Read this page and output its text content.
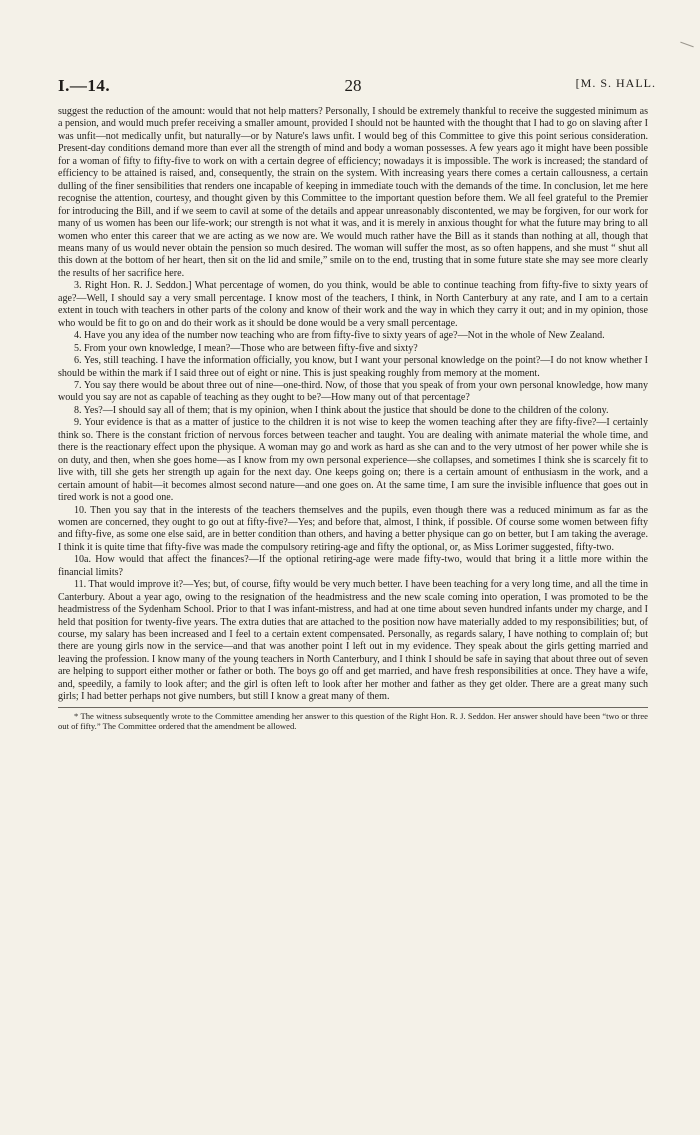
I.—14.	28	[M. S. HALL.

suggest the reduction of the amount: would that not help matters? Personally, I should be extremely thankful to receive the suggested minimum as a pension, and would much prefer receiving a smaller amount, provided I should not be haunted with the thought that I had to go on slaving after I was unfit—not medically unfit, but naturally—or by Nature's laws unfit. I would beg of this Committee to give this point serious consideration. Present-day conditions demand more than ever all the strength of mind and body a woman possesses. A few years ago it might have been possible for a woman of fifty to fifty-five to work on with a certain degree of efficiency; nowadays it is impossible. The work is increased; the standard of efficiency to be attained is raised, and, consequently, the strain on the system. With increasing years there comes a certain callousness, a certain dulling of the finer sensibilities that renders one incapable of keeping in immediate touch with the demands of the time. In conclusion, let me here recognise the attention, courtesy, and thought given by this Committee to the important question before them. We all feel grateful to the Premier for introducing the Bill, and if we seem to cavil at some of the details and appear unreasonably discontented, we may be forgiven, for our work for many of us women has been our life-work; our strength is not what it was, and it is merely in anxious thought for what the future may bring to all women who enter this career that we are acting as we now are. We would much rather have the Bill as it stands than nothing at all, though that means many of us would never obtain the pension so much desired. The woman will suffer the most, as so often happens, and she must “ shut all this down at the bottom of her heart, then sit on the lid and smile,” smile on to the end, trusting that in some future state she may see more clearly the results of her sacrifice here.

3. Right Hon. R. J. Seddon.] What percentage of women, do you think, would be able to continue teaching from fifty-five to sixty years of age?—Well, I should say a very small percentage. I know most of the teachers, I think, in North Canterbury at any rate, and I am to a certain extent in touch with teachers in other parts of the colony and know of their work and the way in which they carry it out; and in my opinion, those who would be fit to go on and do their work as it should be done would be a very small percentage.

4. Have you any idea of the number now teaching who are from fifty-five to sixty years of age?—Not in the whole of New Zealand.

5. From your own knowledge, I mean?—Those who are between fifty-five and sixty?

6. Yes, still teaching. I have the information officially, you know, but I want your personal knowledge on the point?—I do not know whether I should be within the mark if I said three out of eight or nine. This is just speaking roughly from memory at the moment.

7. You say there would be about three out of nine—one-third. Now, of those that you speak of from your own personal knowledge, how many would you say are not as capable of teaching as they ought to be?—How many out of that percentage?

8. Yes?—I should say all of them; that is my opinion, when I think about the justice that should be done to the children of the colony.

9. Your evidence is that as a matter of justice to the children it is not wise to keep the women teaching after they are fifty-five?—I certainly think so. There is the constant friction of nervous forces between teacher and taught. You are dealing with animate material the whole time, and there is the reactionary effect upon the physique. A woman may go and work as hard as she can and to the very utmost of her power while she is on duty, and then, when she goes home—as I know from my own personal experience—she collapses, and sometimes I think she is scarcely fit to live with, till she gets her strength up again for the next day. One keeps going on; there is a certain amount of enthusiasm in the work, and a certain amount of habit—it becomes almost second nature—and one goes on. At the same time, I am sure the invisible influence that goes out in tired work is not a good one.

10. Then you say that in the interests of the teachers themselves and the pupils, even though there was a reduced minimum as far as the women are concerned, they ought to go out at fifty-five?—Yes; and before that, almost, I think, if possible. Of course some women between fifty and fifty-five, as some one else said, are in better condition than others, and having a better physique can go on better, but I am taking the average. I think it is quite time that fifty-five was made the compulsory retiring-age and fifty the optional, or, as Miss Lorimer suggested, fifty-two.

10a. How would that affect the finances?—If the optional retiring-age were made fifty-two, would that bring it a little more within the financial limits?

11. That would improve it?—Yes; but, of course, fifty would be very much better. I have been teaching for a very long time, and all the time in Canterbury. About a year ago, owing to the resignation of the headmistress and the new scale coming into operation, I was promoted to be the headmistress of the Sydenham School. Prior to that I was infant-mistress, and had at one time about seven hundred infants under my charge, and I held that position for twenty-five years. The extra duties that are attached to the position now have materially added to my responsibilities; but, of course, my salary has been increased and I feel to a certain extent compensated. Personally, as regards salary, I have nothing to complain of; but there are young girls now in the service—and that was another point I left out in my evidence. They speak about the girls getting married and leaving the profession. I know many of the young teachers in North Canterbury, and I think I should be safe in saying that about three out of seven are helping to support either mother or father or both. The boys go off and get married, and have fresh responsibilities at once. They have a wife, and, speedily, a family to look after; and the girl is often left to look after her mother and father as they get older. There are a great many such girls; I had better perhaps not give numbers, but still I know a great many of them.

* The witness subsequently wrote to the Committee amending her answer to this question of the Right Hon. R. J. Seddon. Her answer should have been “two or three out of fifty.” The Committee ordered that the amendment be allowed.
